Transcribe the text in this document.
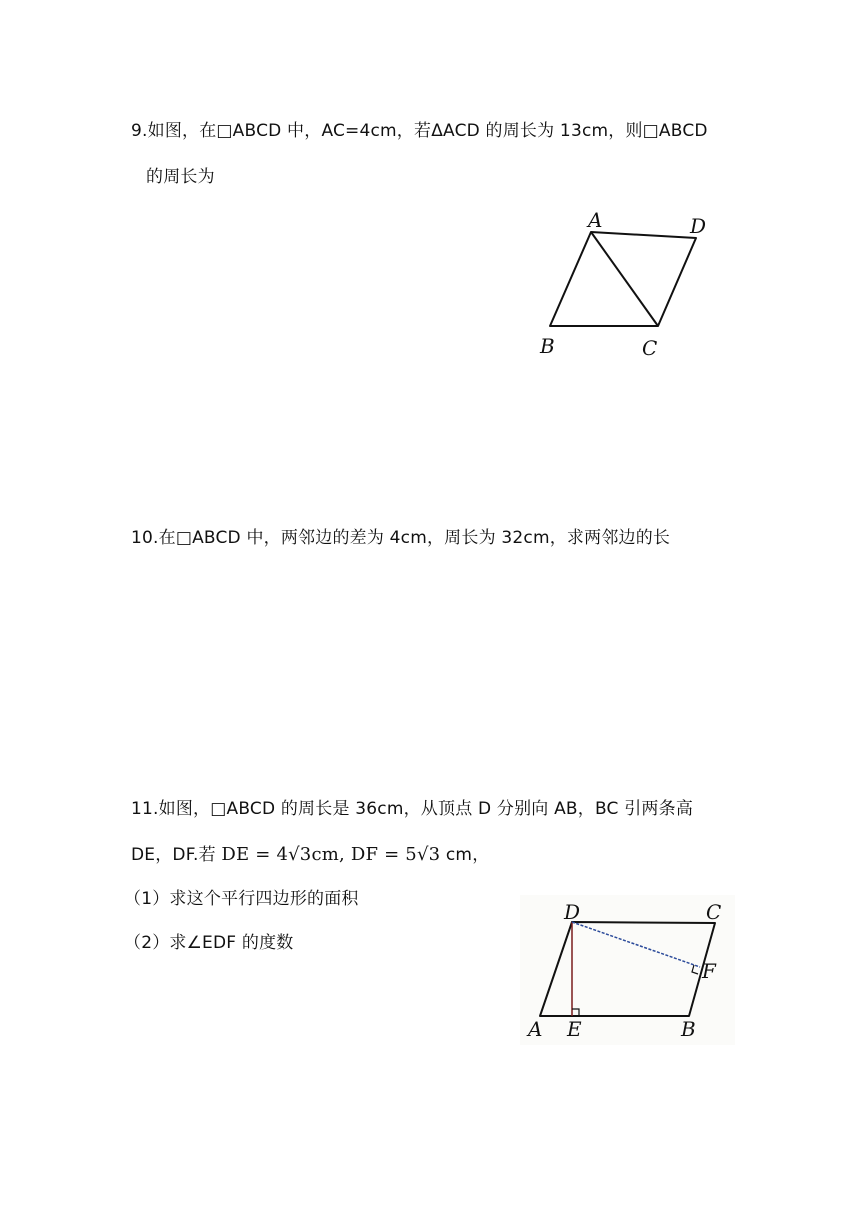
9.如图，在□ABCD 中，AC=4cm，若ΔACD 的周长为 13cm，则□ABCD
的周长为
A	D
B	C
10.在□ABCD 中，两邻边的差为 4cm，周长为 32cm，求两邻边的长
11.如图，□ABCD 的周长是 36cm，从顶点 D 分别向 AB，BC 引两条高
DE，DF.若 DE = 4√3cm, DF = 5√3 cm，
（1）求这个平行四边形的面积
（2）求∠EDF 的度数
D	C
F
A E	B
